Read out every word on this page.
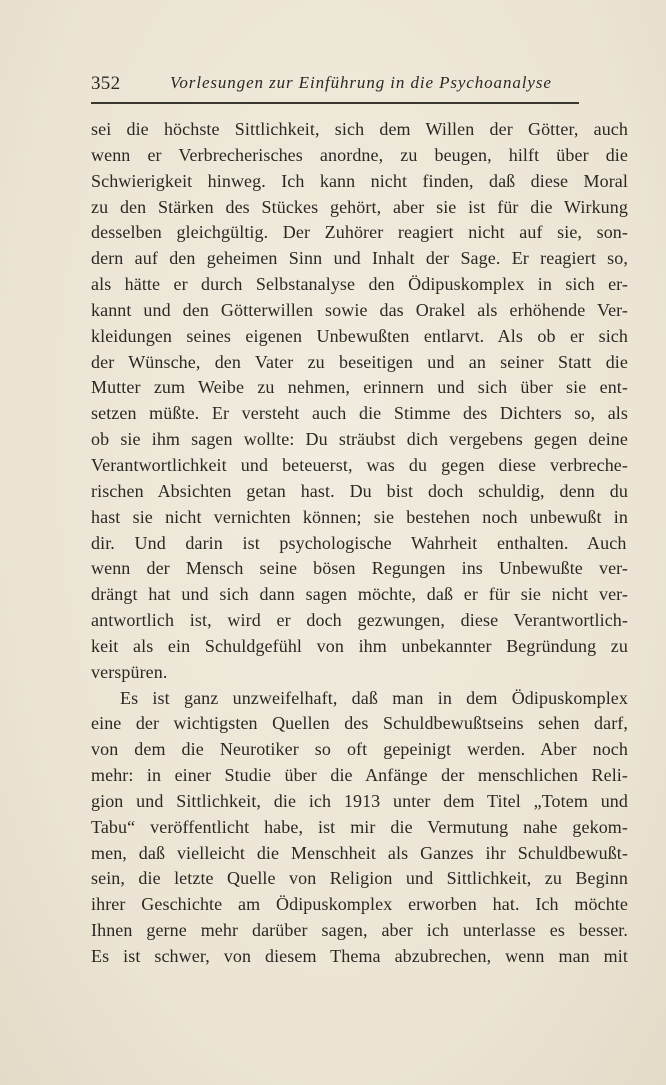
352	Vorlesungen zur Einführung in die Psychoanalyse
sei die höchste Sittlichkeit, sich dem Willen der Götter, auch
wenn er Verbrecherisches anordne, zu beugen, hilft über die
Schwierigkeit hinweg. Ich kann nicht finden, daß diese Moral
zu den Stärken des Stückes gehört, aber sie ist für die Wirkung
desselben gleichgültig. Der Zuhörer reagiert nicht auf sie, son-
dern auf den geheimen Sinn und Inhalt der Sage. Er reagiert so,
als hätte er durch Selbstanalyse den Ödipuskomplex in sich er-
kannt und den Götterwillen sowie das Orakel als erhöhende Ver-
kleidungen seines eigenen Unbewußten entlarvt. Als ob er sich
der Wünsche, den Vater zu beseitigen und an seiner Statt die
Mutter zum Weibe zu nehmen, erinnern und sich über sie ent-
setzen müßte. Er versteht auch die Stimme des Dichters so, als
ob sie ihm sagen wollte: Du sträubst dich vergebens gegen deine
Verantwortlichkeit und beteuerst, was du gegen diese verbreche-
rischen Absichten getan hast. Du bist doch schuldig, denn du
hast sie nicht vernichten können; sie bestehen noch unbewußt in
dir. Und darin ist psychologische Wahrheit enthalten. Auch
wenn der Mensch seine bösen Regungen ins Unbewußte ver-
drängt hat und sich dann sagen möchte, daß er für sie nicht ver-
antwortlich ist, wird er doch gezwungen, diese Verantwortlich-
keit als ein Schuldgefühl von ihm unbekannter Begründung zu
verspüren.
Es ist ganz unzweifelhaft, daß man in dem Ödipuskomplex
eine der wichtigsten Quellen des Schuldbewußtseins sehen darf,
von dem die Neurotiker so oft gepeinigt werden. Aber noch
mehr: in einer Studie über die Anfänge der menschlichen Reli-
gion und Sittlichkeit, die ich 1913 unter dem Titel „Totem und
Tabu“ veröffentlicht habe, ist mir die Vermutung nahe gekom-
men, daß vielleicht die Menschheit als Ganzes ihr Schuldbewußt-
sein, die letzte Quelle von Religion und Sittlichkeit, zu Beginn
ihrer Geschichte am Ödipuskomplex erworben hat. Ich möchte
Ihnen gerne mehr darüber sagen, aber ich unterlasse es besser.
Es ist schwer, von diesem Thema abzubrechen, wenn man mit
